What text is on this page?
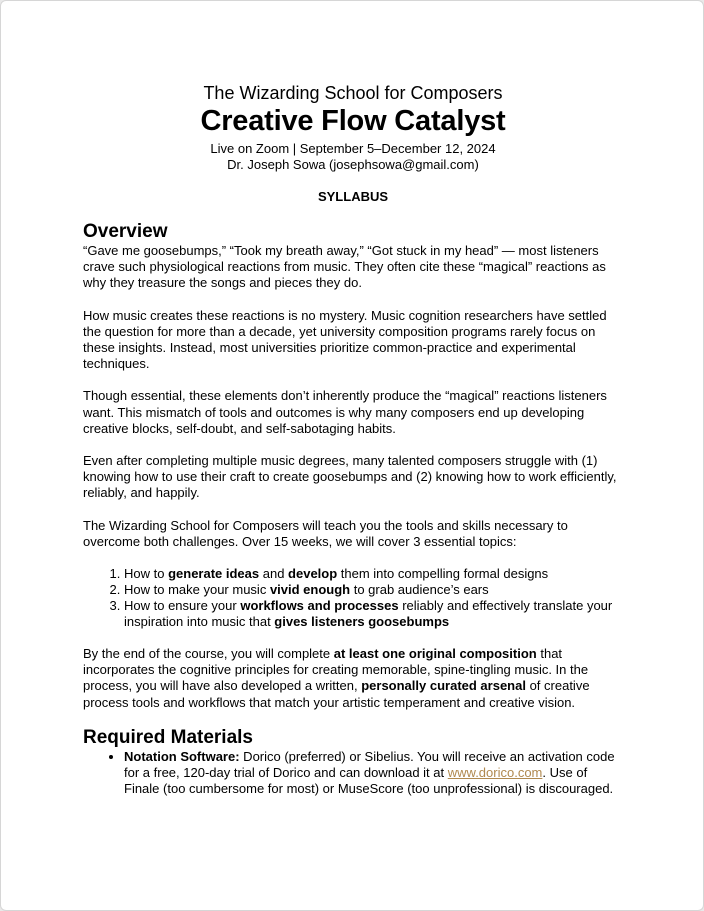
The Wizarding School for Composers

Creative Flow Catalyst

Live on Zoom | September 5–December 12, 2024

Dr. Joseph Sowa (josephsowa@gmail.com)

SYLLABUS

Overview

“Gave me goosebumps,” “Took my breath away,” “Got stuck in my head” — most listeners crave such physiological reactions from music. They often cite these “magical” reactions as why they treasure the songs and pieces they do.

How music creates these reactions is no mystery. Music cognition researchers have settled the question for more than a decade, yet university composition programs rarely focus on these insights. Instead, most universities prioritize common-practice and experimental techniques.

Though essential, these elements don’t inherently produce the “magical” reactions listeners want. This mismatch of tools and outcomes is why many composers end up developing creative blocks, self-doubt, and self-sabotaging habits.

Even after completing multiple music degrees, many talented composers struggle with (1) knowing how to use their craft to create goosebumps and (2) knowing how to work efficiently, reliably, and happily.

The Wizarding School for Composers will teach you the tools and skills necessary to overcome both challenges. Over 15 weeks, we will cover 3 essential topics:

1. How to generate ideas and develop them into compelling formal designs
2. How to make your music vivid enough to grab audience’s ears
3. How to ensure your workflows and processes reliably and effectively translate your inspiration into music that gives listeners goosebumps

By the end of the course, you will complete at least one original composition that incorporates the cognitive principles for creating memorable, spine-tingling music. In the process, you will have also developed a written, personally curated arsenal of creative process tools and workflows that match your artistic temperament and creative vision.

Required Materials
• Notation Software: Dorico (preferred) or Sibelius. You will receive an activation code for a free, 120-day trial of Dorico and can download it at www.dorico.com. Use of Finale (too cumbersome for most) or MuseScore (too unprofessional) is discouraged.
